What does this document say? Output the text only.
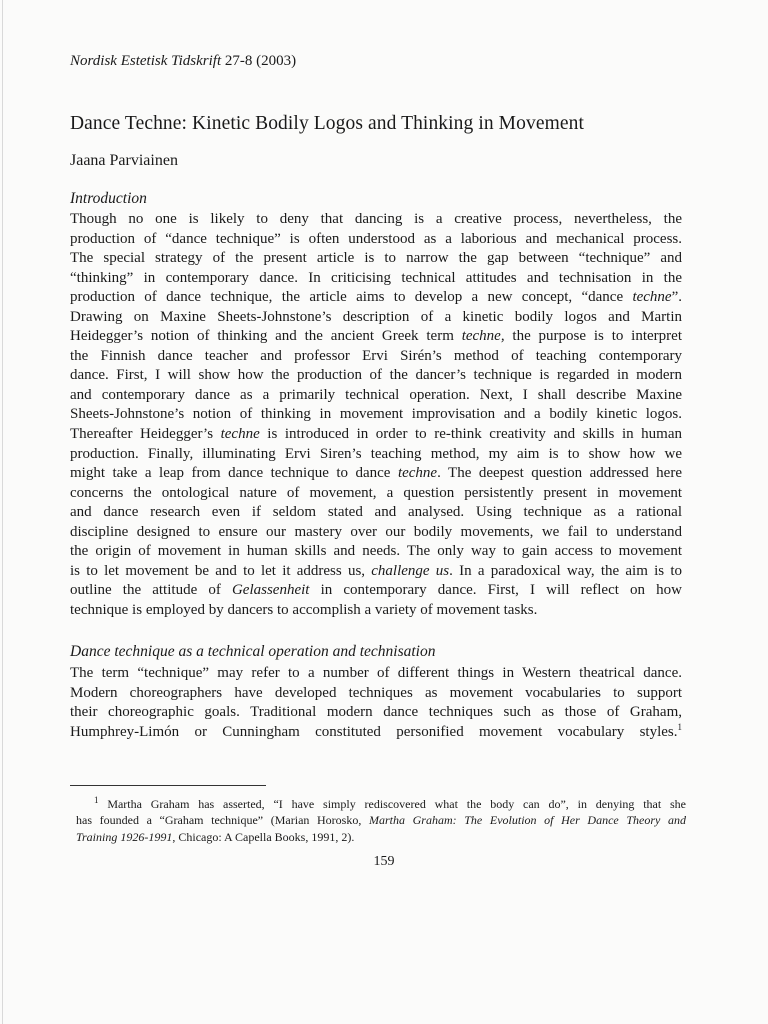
Nordisk Estetisk Tidskrift 27-8 (2003)
Dance Techne: Kinetic Bodily Logos and Thinking in Movement
Jaana Parviainen
Introduction
Though no one is likely to deny that dancing is a creative process, nevertheless, the
production of “dance technique” is often understood as a laborious and mechanical process.
The special strategy of the present article is to narrow the gap between “technique” and
“thinking” in contemporary dance. In criticising technical attitudes and technisation in the
production of dance technique, the article aims to develop a new concept, “dance techne”.
Drawing on Maxine Sheets-Johnstone’s description of a kinetic bodily logos and Martin
Heidegger’s notion of thinking and the ancient Greek term techne, the purpose is to interpret
the Finnish dance teacher and professor Ervi Sirén’s method of teaching contemporary
dance. First, I will show how the production of the dancer’s technique is regarded in modern
and contemporary dance as a primarily technical operation. Next, I shall describe Maxine
Sheets-Johnstone’s notion of thinking in movement improvisation and a bodily kinetic logos.
Thereafter Heidegger’s techne is introduced in order to re-think creativity and skills in human
production. Finally, illuminating Ervi Siren’s teaching method, my aim is to show how we
might take a leap from dance technique to dance techne. The deepest question addressed here
concerns the ontological nature of movement, a question persistently present in movement
and dance research even if seldom stated and analysed. Using technique as a rational
discipline designed to ensure our mastery over our bodily movements, we fail to understand
the origin of movement in human skills and needs. The only way to gain access to movement
is to let movement be and to let it address us, challenge us. In a paradoxical way, the aim is to
outline the attitude of Gelassenheit in contemporary dance. First, I will reflect on how
technique is employed by dancers to accomplish a variety of movement tasks.
Dance technique as a technical operation and technisation
The term “technique” may refer to a number of different things in Western theatrical dance.
Modern choreographers have developed techniques as movement vocabularies to support
their choreographic goals. Traditional modern dance techniques such as those of Graham,
Humphrey-Limón or Cunningham constituted personified movement vocabulary styles.$^1$
$^1$ Martha Graham has asserted, “I have simply rediscovered what the body can do”, in denying that she
has founded a “Graham technique” (Marian Horosko, Martha Graham: The Evolution of Her Dance Theory and
Training 1926-1991, Chicago: A Capella Books, 1991, 2).
159
